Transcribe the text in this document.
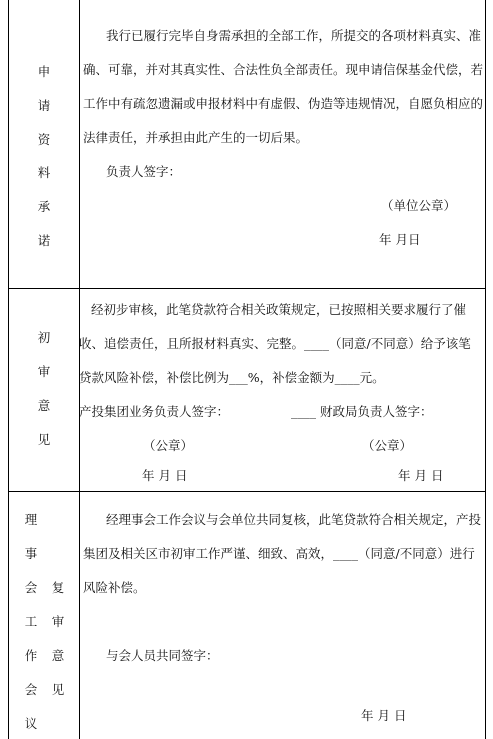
申
请
资
料
承
诺
我行已履行完毕自身需承担的全部工作，所提交的各项材料真实、准
确、可靠，并对其真实性、合法性负全部责任。现申请信保基金代偿，若
工作中有疏忽遗漏或申报材料中有虚假、伪造等违规情况，自愿负相应的
法律责任，并承担由此产生的一切后果。
负责人签字：
（单位公章）
年 月日
初
审
意
见
经初步审核，此笔贷款符合相关政策规定，已按照相关要求履行了催
收、追偿责任，且所报材料真实、完整。____（同意/不同意）给予该笔
贷款风险补偿，补偿比例为___%，补偿金额为____元。
产投集团业务负责人签字：	____ 财政局负责人签字：
（公章）	（公章）
年 月 日	年 月 日
理
事
会
工
作
会
议
复
审
意
见
经理事会工作会议与会单位共同复核，此笔贷款符合相关规定，产投
集团及相关区市初审工作严谨、细致、高效，____（同意/不同意）进行
风险补偿。
与会人员共同签字：
年 月 日
